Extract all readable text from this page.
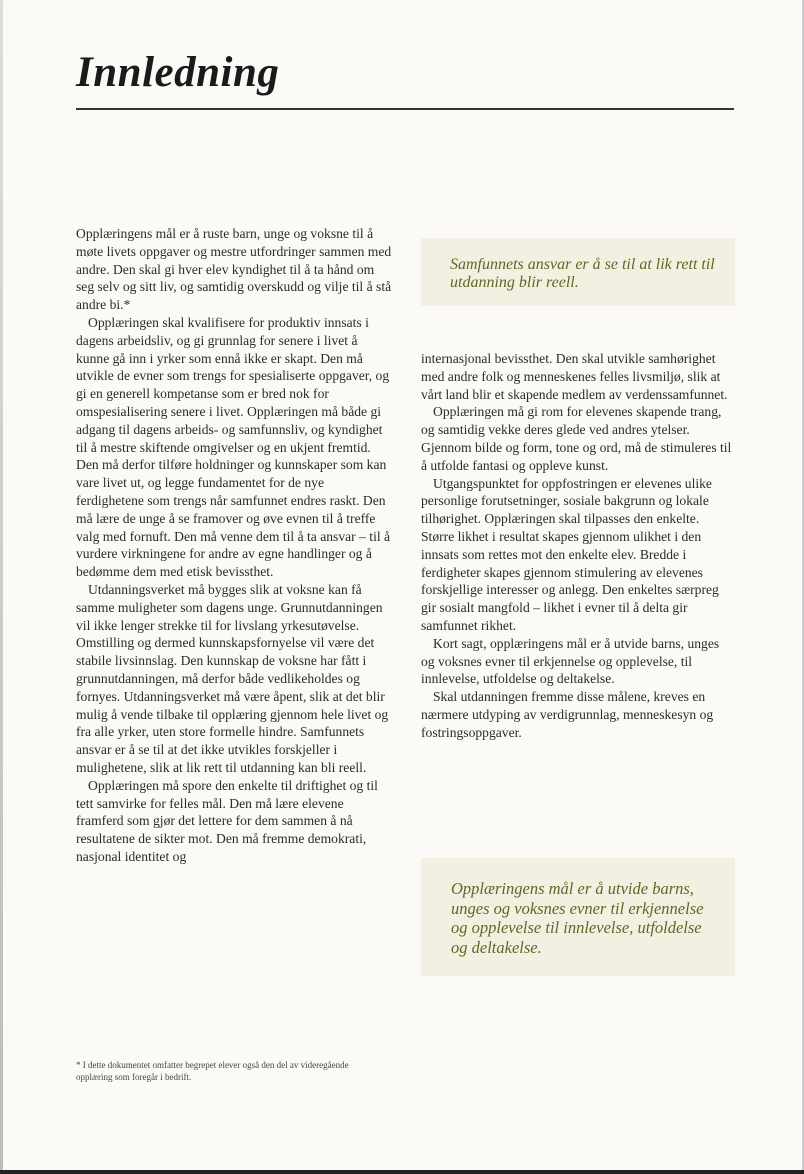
Innledning

Opplæringens mål er å ruste barn, unge og voksne til å møte livets oppgaver og mestre utfordringer sammen med andre. Den skal gi hver elev kyndighet til å ta hånd om seg selv og sitt liv, og samtidig overskudd og vilje til å stå andre bi.*

Opplæringen skal kvalifisere for produktiv innsats i dagens arbeidsliv, og gi grunnlag for senere i livet å kunne gå inn i yrker som ennå ikke er skapt. Den må utvikle de evner som trengs for spesialiserte oppgaver, og gi en generell kompetanse som er bred nok for omspesialisering senere i livet. Opplæringen må både gi adgang til dagens arbeids- og samfunnsliv, og kyndighet til å mestre skiftende omgivelser og en ukjent fremtid. Den må derfor tilføre holdninger og kunnskaper som kan vare livet ut, og legge fundamentet for de nye ferdighetene som trengs når samfunnet endres raskt. Den må lære de unge å se framover og øve evnen til å treffe valg med fornuft. Den må venne dem til å ta ansvar – til å vurdere virkningene for andre av egne handlinger og å bedømme dem med etisk bevissthet.

Utdanningsverket må bygges slik at voksne kan få samme muligheter som dagens unge. Grunnutdanningen vil ikke lenger strekke til for livslang yrkesutøvelse. Omstilling og dermed kunnskapsfornyelse vil være det stabile livsinnslag. Den kunnskap de voksne har fått i grunnutdanningen, må derfor både vedlikeholdes og fornyes. Utdanningsverket må være åpent, slik at det blir mulig å vende tilbake til opplæring gjennom hele livet og fra alle yrker, uten store formelle hindre. Samfunnets ansvar er å se til at det ikke utvikles forskjeller i mulighetene, slik at lik rett til utdanning kan bli reell.

Opplæringen må spore den enkelte til driftighet og til tett samvirke for felles mål. Den må lære elevene framferd som gjør det lettere for dem sammen å nå resultatene de sikter mot. Den må fremme demokrati, nasjonal identitet og

Samfunnets ansvar er å se til at lik rett til utdanning blir reell.

internasjonal bevissthet. Den skal utvikle samhørighet med andre folk og menneskenes felles livsmiljø, slik at vårt land blir et skapende medlem av verdenssamfunnet.

Opplæringen må gi rom for elevenes skapende trang, og samtidig vekke deres glede ved andres ytelser. Gjennom bilde og form, tone og ord, må de stimuleres til å utfolde fantasi og oppleve kunst.

Utgangspunktet for oppfostringen er elevenes ulike personlige forutsetninger, sosiale bakgrunn og lokale tilhørighet. Opplæringen skal tilpasses den enkelte. Større likhet i resultat skapes gjennom ulikhet i den innsats som rettes mot den enkelte elev. Bredde i ferdigheter skapes gjennom stimulering av elevenes forskjellige interesser og anlegg. Den enkeltes særpreg gir sosialt mangfold – likhet i evner til å delta gir samfunnet rikhet.

Kort sagt, opplæringens mål er å utvide barns, unges og voksnes evner til erkjennelse og opplevelse, til innlevelse, utfoldelse og deltakelse.

Skal utdanningen fremme disse målene, kreves en nærmere utdyping av verdigrunnlag, menneskesyn og fostringsoppgaver.

Opplæringens mål er å utvide barns, unges og voksnes evner til erkjennelse og opplevelse til innlevelse, utfoldelse og deltakelse.
* I dette dokumentet omfatter begrepet elever også den del av videregående opplæring som foregår i bedrift.
